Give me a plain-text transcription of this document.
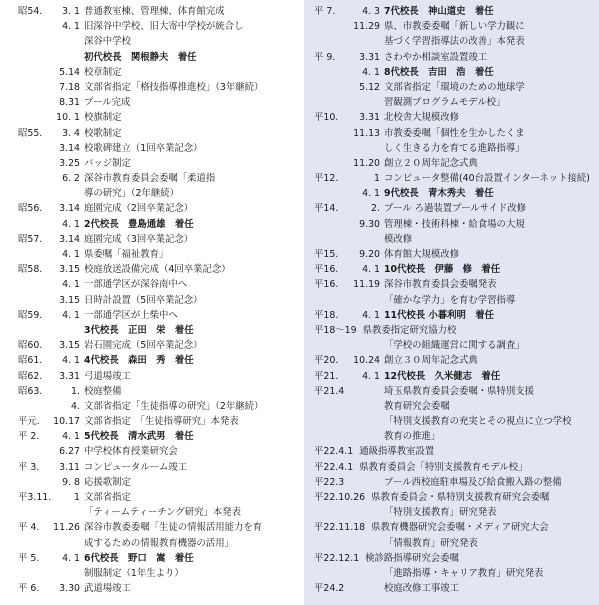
昭54.	3. 1 普通教室棟、管理棟、体育館完成
4. 1 旧深谷中学校、旧大寄中学校が統合し
深谷中学校
初代校長　関根静夫　着任
5.14 校章制定
7.18 文部省指定「格技指導推進校」（3年継続）
8.31 プール完成
10. 1 校旗制定
昭55.	3. 4 校歌制定
3.14 校歌碑建立（1回卒業記念）
3.25 バッジ制定
6. 2 深谷市教育委員会委嘱「柔道指
導の研究」（2年継続）
昭56.	3.14 庭園完成（2回卒業記念）
4. 1 2代校長　豊島通雄　着任
昭57.	3.14 庭園完成（3回卒業記念）
4. 1 県委嘱「福祉教育」
昭58.	3.15 校庭放送設備完成（4回卒業記念）
4. 1 一部通学区が深谷南中へ
3.15 日時計設置（5回卒業記念）
昭59.	4. 1 一部通学区が上柴中へ
3代校長　正田　栄　着任
昭60.	3.15 岩石園完成（5回卒業記念）
昭61.	4. 1 4代校長　森田　秀　着任
昭62.	3.31 弓道場竣工
昭63.	1. 校庭整備
4. 文部省指定「生徒指導の研究」（2年継続）
平元.	10.17 文部省指定　「生徒指導研究」本発表
平 2.	4. 1 5代校長　清水武男　着任
6.27 中学校体育授業研究会
平 3.	3.11 コンピュータルーム竣工
9. 8 応援歌制定
平3.11.	1 文部省指定
「ティームティーチング研究」本発表
平 4.	11.26 深谷市教委委嘱「生徒の情報活用能力を育
成するための情報教育機器の活用」
平 5.	4. 1 6代校長　野口　嵩　着任
制服制定（1年生より）
平 6.	3.30 武道場竣工
平 7.	4. 3 7代校長　神山道史　着任
11.29 県、市教委委嘱「新しい学力観に
基づく学習指導法の改善」本発表
平 9.	3.31 さわやか相談室設置竣工
4. 1 8代校長　吉田　浩　着任
5.12 文部省指定「環境のための地球学
習観測プログラムモデル校」
平10.	3.31 北校舎大規模改修
11.13 市教委委嘱「個性を生かしたくま
しく生きる力を育てる進路指導」
11.20 創立２０周年記念式典
平12.	1 コンピュータ整備(40台設置インターネット接続)
4. 1 9代校長　青木秀夫　着任
平14.	2. プール ろ過装置プールサイド改修
9.30 管理棟・技術科棟・給食場の大規
模改修
平15.	9.20 体育館大規模改修
平16.	4. 1 10代校長　伊藤　修　着任
平16.	11.19 深谷市教育委員会委嘱発表
「確かな学力」を育む学習指導
平18.	4. 1 11代校長 小暮利明　着任
平18～19 県教委指定研究協力校
「学校の組織運営に関する調査」
平20.	10.24 創立３０周年記念式典
平21.	4. 1 12代校長　久米健志　着任
平21.4	埼玉県教育委員会委嘱・県特別支援
教育研究会委嘱
「特別支援教育の充実とその視点に立つ学校
教育の推進」
平22.4.1 通級指導教室設置
平22.4.1 県教育委員会「特別支援教育モデル校」
平22.3	プール西校庭駐車場及び給食搬入路の整備
平22.10.26 県教育委員会・県特別支援教育研究会委嘱
「特別支援教育」研究発表
平22.11.18 県教育機器研究会委嘱・メディア研究大会
「情報教育」研究発表
平22.12.1 検診路指導研究会委嘱
「進路指導・キャリア教育」研究発表
平24.2	校庭改修工事竣工
